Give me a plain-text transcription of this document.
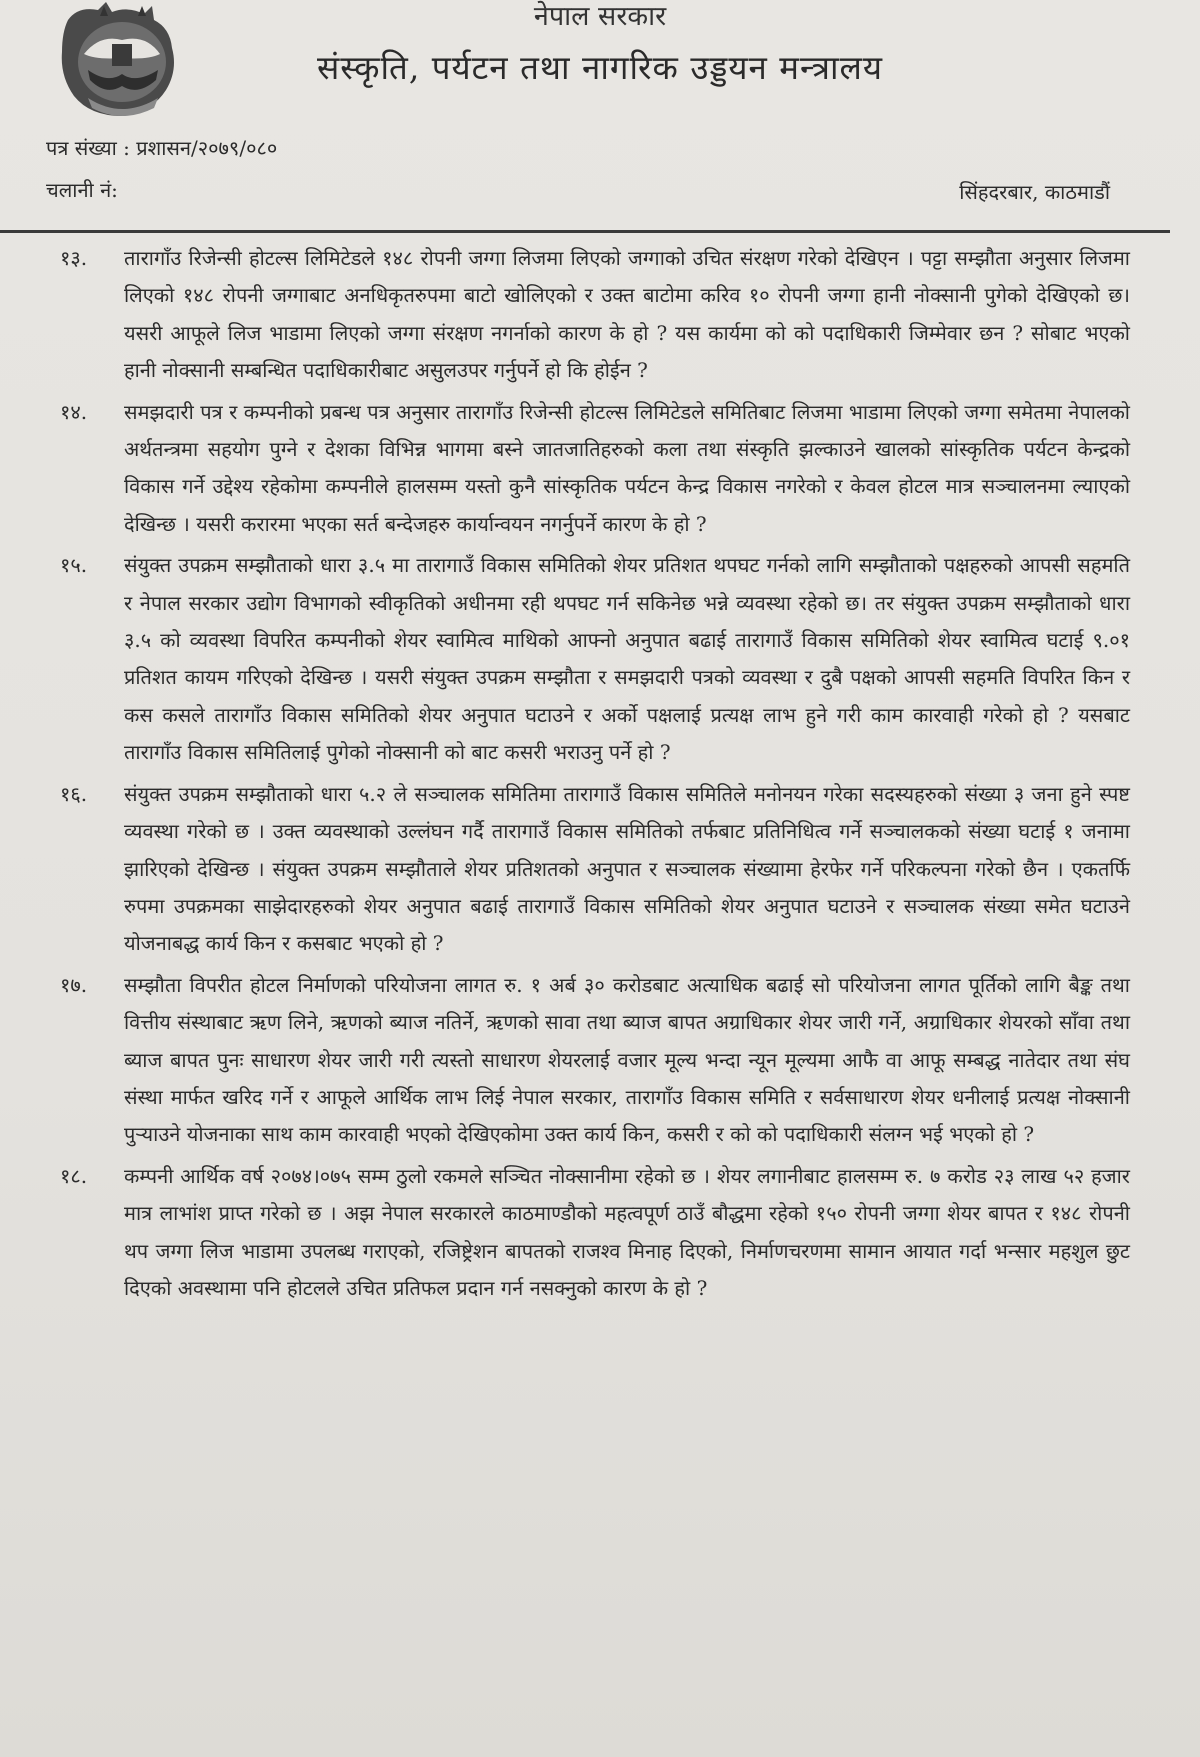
नेपाल सरकार
संस्कृति, पर्यटन तथा नागरिक उड्डयन मन्त्रालय
पत्र संख्या : प्रशासन/२०७९/०८०
चलानी नं:	सिंहदरबार, काठमाडौं
१३.	तारागाँउ रिजेन्सी होटल्स लिमिटेडले १४८ रोपनी जग्गा लिजमा लिएको जग्गाको उचित संरक्षण गरेको देखिएन । पट्टा सम्झौता अनुसार लिजमा लिएको १४८ रोपनी जग्गाबाट अनधिकृतरुपमा बाटो खोलिएको र उक्त बाटोमा करिव १० रोपनी जग्गा हानी नोक्सानी पुगेको देखिएको छ। यसरी आफूले लिज भाडामा लिएको जग्गा संरक्षण नगर्नाको कारण के हो ? यस कार्यमा को को पदाधिकारी जिम्मेवार छन ? सोबाट भएको हानी नोक्सानी सम्बन्धित पदाधिकारीबाट असुलउपर गर्नुपर्ने हो कि होईन ?
१४.	समझदारी पत्र र कम्पनीको प्रबन्ध पत्र अनुसार तारागाँउ रिजेन्सी होटल्स लिमिटेडले समितिबाट लिजमा भाडामा लिएको जग्गा समेतमा नेपालको अर्थतन्त्रमा सहयोग पुग्ने र देशका विभिन्न भागमा बस्ने जातजातिहरुको कला तथा संस्कृति झल्काउने खालको सांस्कृतिक पर्यटन केन्द्रको विकास गर्ने उद्देश्य रहेकोमा कम्पनीले हालसम्म यस्तो कुनै सांस्कृतिक पर्यटन केन्द्र विकास नगरेको र केवल होटल मात्र सञ्चालनमा ल्याएको देखिन्छ । यसरी करारमा भएका सर्त बन्देजहरु कार्यान्वयन नगर्नुपर्ने कारण के हो ?
१५.	संयुक्त उपक्रम सम्झौताको धारा ३.५ मा तारागाउँ विकास समितिको शेयर प्रतिशत थपघट गर्नको लागि सम्झौताको पक्षहरुको आपसी सहमति र नेपाल सरकार उद्योग विभागको स्वीकृतिको अधीनमा रही थपघट गर्न सकिनेछ भन्ने व्यवस्था रहेको छ। तर संयुक्त उपक्रम सम्झौताको धारा ३.५ को व्यवस्था विपरित कम्पनीको शेयर स्वामित्व माथिको आफ्नो अनुपात बढाई तारागाउँ विकास समितिको शेयर स्वामित्व घटाई ९.०१ प्रतिशत कायम गरिएको देखिन्छ । यसरी संयुक्त उपक्रम सम्झौता र समझदारी पत्रको व्यवस्था र दुबै पक्षको आपसी सहमति विपरित किन र कस कसले तारागाँउ विकास समितिको शेयर अनुपात घटाउने र अर्को पक्षलाई प्रत्यक्ष लाभ हुने गरी काम कारवाही गरेको हो ? यसबाट तारागाँउ विकास समितिलाई पुगेको नोक्सानी को बाट कसरी भराउनु पर्ने हो ?
१६.	संयुक्त उपक्रम सम्झौताको धारा ५.२ ले सञ्चालक समितिमा तारागाउँ विकास समितिले मनोनयन गरेका सदस्यहरुको संख्या ३ जना हुने स्पष्ट व्यवस्था गरेको छ । उक्त व्यवस्थाको उल्लंघन गर्दै तारागाउँ विकास समितिको तर्फबाट प्रतिनिधित्व गर्ने सञ्चालकको संख्या घटाई १ जनामा झारिएको देखिन्छ । संयुक्त उपक्रम सम्झौताले शेयर प्रतिशतको अनुपात र सञ्चालक संख्यामा हेरफेर गर्ने परिकल्पना गरेको छैन । एकतर्फि रुपमा उपक्रमका साझेदारहरुको शेयर अनुपात बढाई तारागाउँ विकास समितिको शेयर अनुपात घटाउने र सञ्चालक संख्या समेत घटाउने योजनाबद्ध कार्य किन र कसबाट भएको हो ?
१७.	सम्झौता विपरीत होटल निर्माणको परियोजना लागत रु. १ अर्ब ३० करोडबाट अत्याधिक बढाई सो परियोजना लागत पूर्तिको लागि बैङ्क तथा वित्तीय संस्थाबाट ऋण लिने, ऋणको ब्याज नतिर्ने, ऋणको सावा तथा ब्याज बापत अग्राधिकार शेयर जारी गर्ने, अग्राधिकार शेयरको साँवा तथा ब्याज बापत पुनः साधारण शेयर जारी गरी त्यस्तो साधारण शेयरलाई वजार मूल्य भन्दा न्यून मूल्यमा आफै वा आफू सम्बद्ध नातेदार तथा संघ संस्था मार्फत खरिद गर्ने र आफूले आर्थिक लाभ लिई नेपाल सरकार, तारागाँउ विकास समिति र सर्वसाधारण शेयर धनीलाई प्रत्यक्ष नोक्सानी पुऱ्याउने योजनाका साथ काम कारवाही भएको देखिएकोमा उक्त कार्य किन, कसरी र को को पदाधिकारी संलग्न भई भएको हो ?
१८.	कम्पनी आर्थिक वर्ष २०७४।०७५ सम्म ठुलो रकमले सञ्चित नोक्सानीमा रहेको छ । शेयर लगानीबाट हालसम्म रु. ७ करोड २३ लाख ५२ हजार मात्र लाभांश प्राप्त गरेको छ । अझ नेपाल सरकारले काठमाण्डौको महत्वपूर्ण ठाउँ बौद्धमा रहेको १५० रोपनी जग्गा शेयर बापत र १४८ रोपनी थप जग्गा लिज भाडामा उपलब्ध गराएको, रजिष्ट्रेशन बापतको राजश्व मिनाह दिएको, निर्माणचरणमा सामान आयात गर्दा भन्सार महशुल छुट दिएको अवस्थामा पनि होटलले उचित प्रतिफल प्रदान गर्न नसक्नुको कारण के हो ?
